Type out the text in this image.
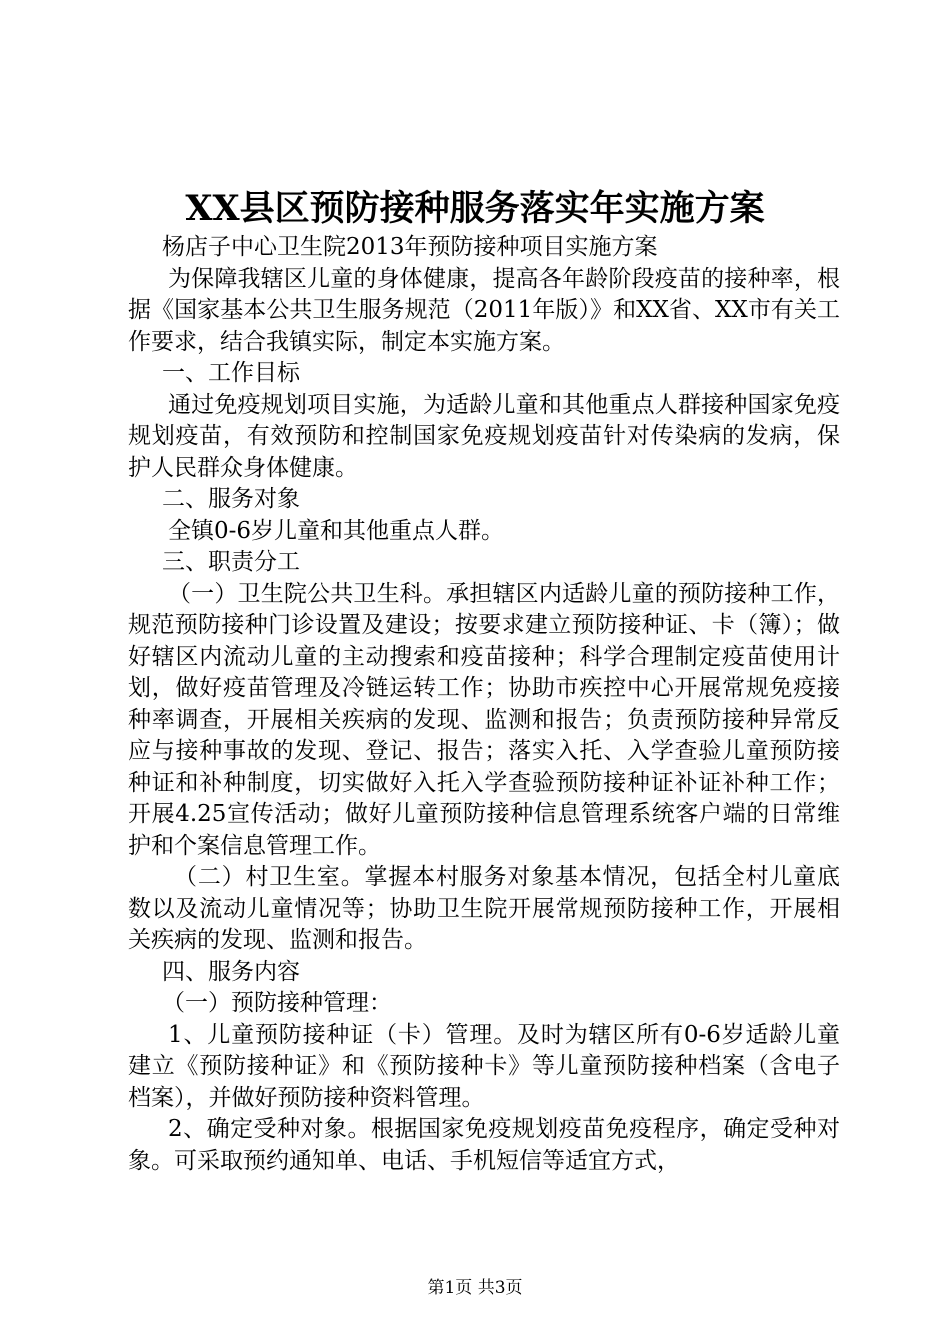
XX县区预防接种服务落实年实施方案

杨店子中心卫生院2013年预防接种项目实施方案

为保障我辖区儿童的身体健康，提高各年龄阶段疫苗的接种率，根据《国家基本公共卫生服务规范（2011年版）》和XX省、XX市有关工作要求，结合我镇实际，制定本实施方案。

一、工作目标

通过免疫规划项目实施，为适龄儿童和其他重点人群接种国家免疫规划疫苗，有效预防和控制国家免疫规划疫苗针对传染病的发病，保护人民群众身体健康。

二、服务对象

全镇0-6岁儿童和其他重点人群。

三、职责分工

（一）卫生院公共卫生科。承担辖区内适龄儿童的预防接种工作，规范预防接种门诊设置及建设；按要求建立预防接种证、卡（簿）；做好辖区内流动儿童的主动搜索和疫苗接种；科学合理制定疫苗使用计划，做好疫苗管理及冷链运转工作；协助市疾控中心开展常规免疫接种率调查，开展相关疾病的发现、监测和报告；负责预防接种异常反应与接种事故的发现、登记、报告；落实入托、入学查验儿童预防接种证和补种制度，切实做好入托入学查验预防接种证补证补种工作；开展4.25宣传活动；做好儿童预防接种信息管理系统客户端的日常维护和个案信息管理工作。

（二）村卫生室。掌握本村服务对象基本情况，包括全村儿童底数以及流动儿童情况等；协助卫生院开展常规预防接种工作，开展相关疾病的发现、监测和报告。

四、服务内容

（一）预防接种管理：

1、儿童预防接种证（卡）管理。及时为辖区所有0-6岁适龄儿童建立《预防接种证》和《预防接种卡》等儿童预防接种档案（含电子档案），并做好预防接种资料管理。

2、确定受种对象。根据国家免疫规划疫苗免疫程序，确定受种对象。可采取预约通知单、电话、手机短信等适宜方式，

第1页 共3页
